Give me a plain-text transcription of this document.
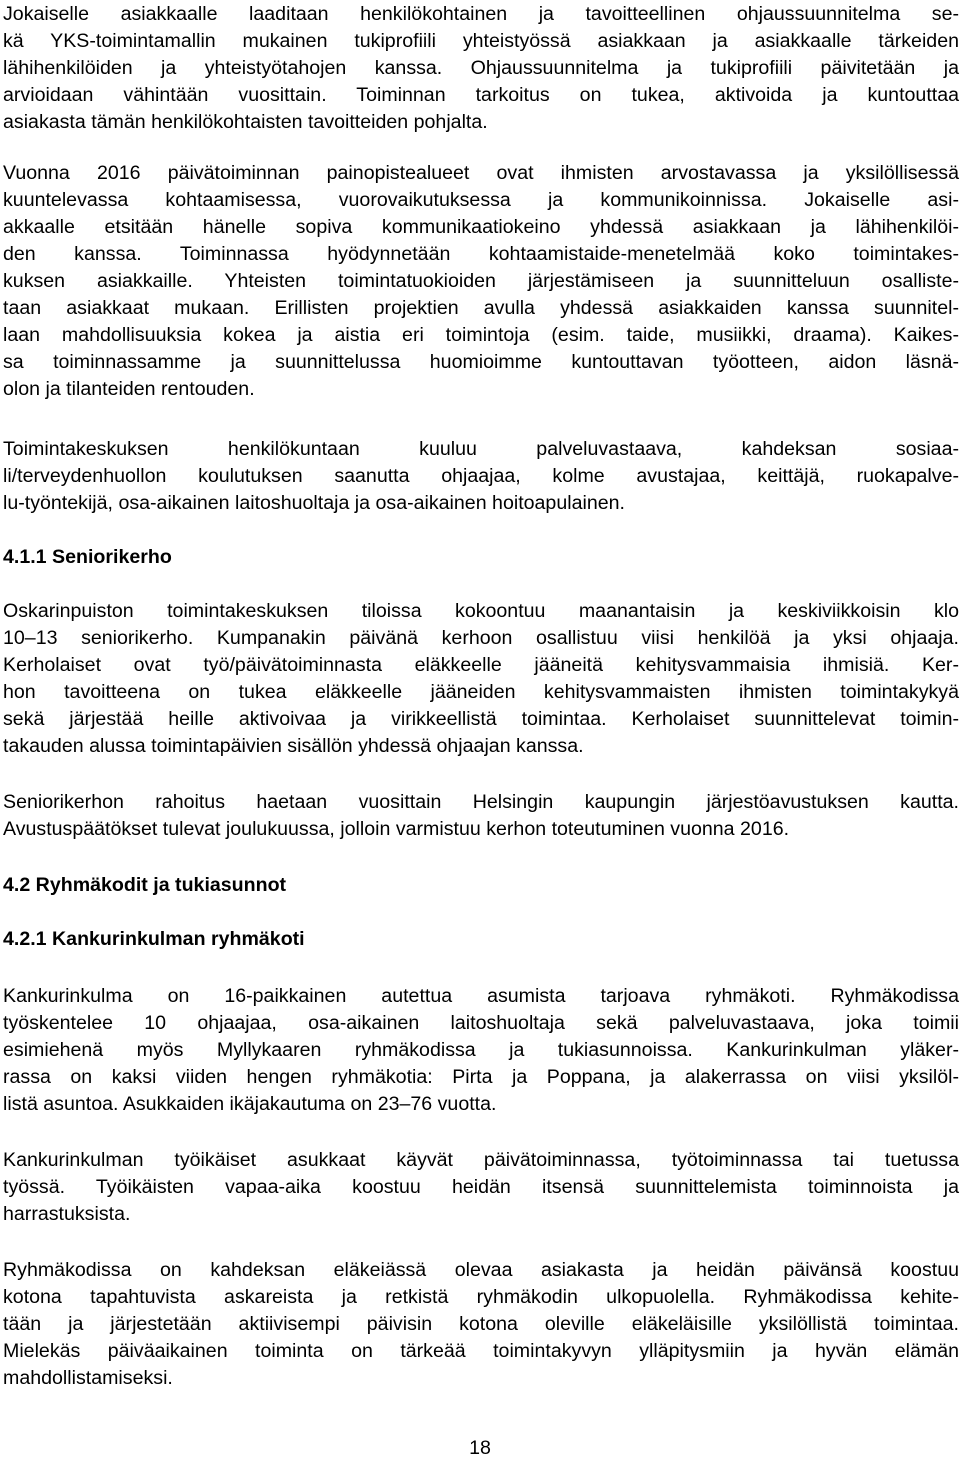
Jokaiselle asiakkaalle laaditaan henkilökohtainen ja tavoitteellinen ohjaussuunnitelma se-
kä YKS-toimintamallin mukainen tukiprofiili yhteistyössä asiakkaan ja asiakkaalle tärkeiden
lähihenkilöiden ja yhteistyötahojen kanssa. Ohjaussuunnitelma ja tukiprofiili päivitetään ja
arvioidaan vähintään vuosittain. Toiminnan tarkoitus on tukea, aktivoida ja kuntouttaa
asiakasta tämän henkilökohtaisten tavoitteiden pohjalta.
Vuonna 2016 päivätoiminnan painopistealueet ovat ihmisten arvostavassa ja yksilöllisessä
kuuntelevassa kohtaamisessa, vuorovaikutuksessa ja kommunikoinnissa. Jokaiselle asi-
akkaalle etsitään hänelle sopiva kommunikaatiokeino yhdessä asiakkaan ja lähihenkilöi-
den kanssa. Toiminnassa hyödynnetään kohtaamistaide-menetelmää koko toimintakes-
kuksen asiakkaille. Yhteisten toimintatuokioiden järjestämiseen ja suunnitteluun osalliste-
taan asiakkaat mukaan. Erillisten projektien avulla yhdessä asiakkaiden kanssa suunnitel-
laan mahdollisuuksia kokea ja aistia eri toimintoja (esim. taide, musiikki, draama). Kaikes-
sa toiminnassamme ja suunnittelussa huomioimme kuntouttavan työotteen, aidon läsnä-
olon ja tilanteiden rentouden.
Toimintakeskuksen henkilökuntaan kuuluu palveluvastaava, kahdeksan sosiaa-
li/terveydenhuollon koulutuksen saanutta ohjaajaa, kolme avustajaa, keittäjä, ruokapalve-
lu-työntekijä, osa-aikainen laitoshuoltaja ja osa-aikainen hoitoapulainen.
4.1.1 Seniorikerho
Oskarinpuiston toimintakeskuksen tiloissa kokoontuu maanantaisin ja keskiviikkoisin klo
10–13 seniorikerho. Kumpanakin päivänä kerhoon osallistuu viisi henkilöä ja yksi ohjaaja.
Kerholaiset ovat työ/päivätoiminnasta eläkkeelle jääneitä kehitysvammaisia ihmisiä. Ker-
hon tavoitteena on tukea eläkkeelle jääneiden kehitysvammaisten ihmisten toimintakykyä
sekä järjestää heille aktivoivaa ja virikkeellistä toimintaa. Kerholaiset suunnittelevat toimin-
takauden alussa toimintapäivien sisällön yhdessä ohjaajan kanssa.
Seniorikerhon rahoitus haetaan vuosittain Helsingin kaupungin järjestöavustuksen kautta.
Avustuspäätökset tulevat joulukuussa, jolloin varmistuu kerhon toteutuminen vuonna 2016.
4.2 Ryhmäkodit ja tukiasunnot
4.2.1 Kankurinkulman ryhmäkoti
Kankurinkulma on 16-paikkainen autettua asumista tarjoava ryhmäkoti. Ryhmäkodissa
työskentelee 10 ohjaajaa, osa-aikainen laitoshuoltaja sekä palveluvastaava, joka toimii
esimiehenä myös Myllykaaren ryhmäkodissa ja tukiasunnoissa. Kankurinkulman yläker-
rassa on kaksi viiden hengen ryhmäkotia: Pirta ja Poppana, ja alakerrassa on viisi yksilöl-
listä asuntoa. Asukkaiden ikäjakautuma on 23–76 vuotta.
Kankurinkulman työikäiset asukkaat käyvät päivätoiminnassa, työtoiminnassa tai tuetussa
työssä. Työikäisten vapaa-aika koostuu heidän itsensä suunnittelemista toiminnoista ja
harrastuksista.
Ryhmäkodissa on kahdeksan eläkeiässä olevaa asiakasta ja heidän päivänsä koostuu
kotona tapahtuvista askareista ja retkistä ryhmäkodin ulkopuolella. Ryhmäkodissa kehite-
tään ja järjestetään aktiivisempi päivisin kotona oleville eläkeläisille yksilöllistä toimintaa.
Mielekäs päiväaikainen toiminta on tärkeää toimintakyvyn ylläpitysmiin ja hyvän elämän
mahdollistamiseksi.
18
